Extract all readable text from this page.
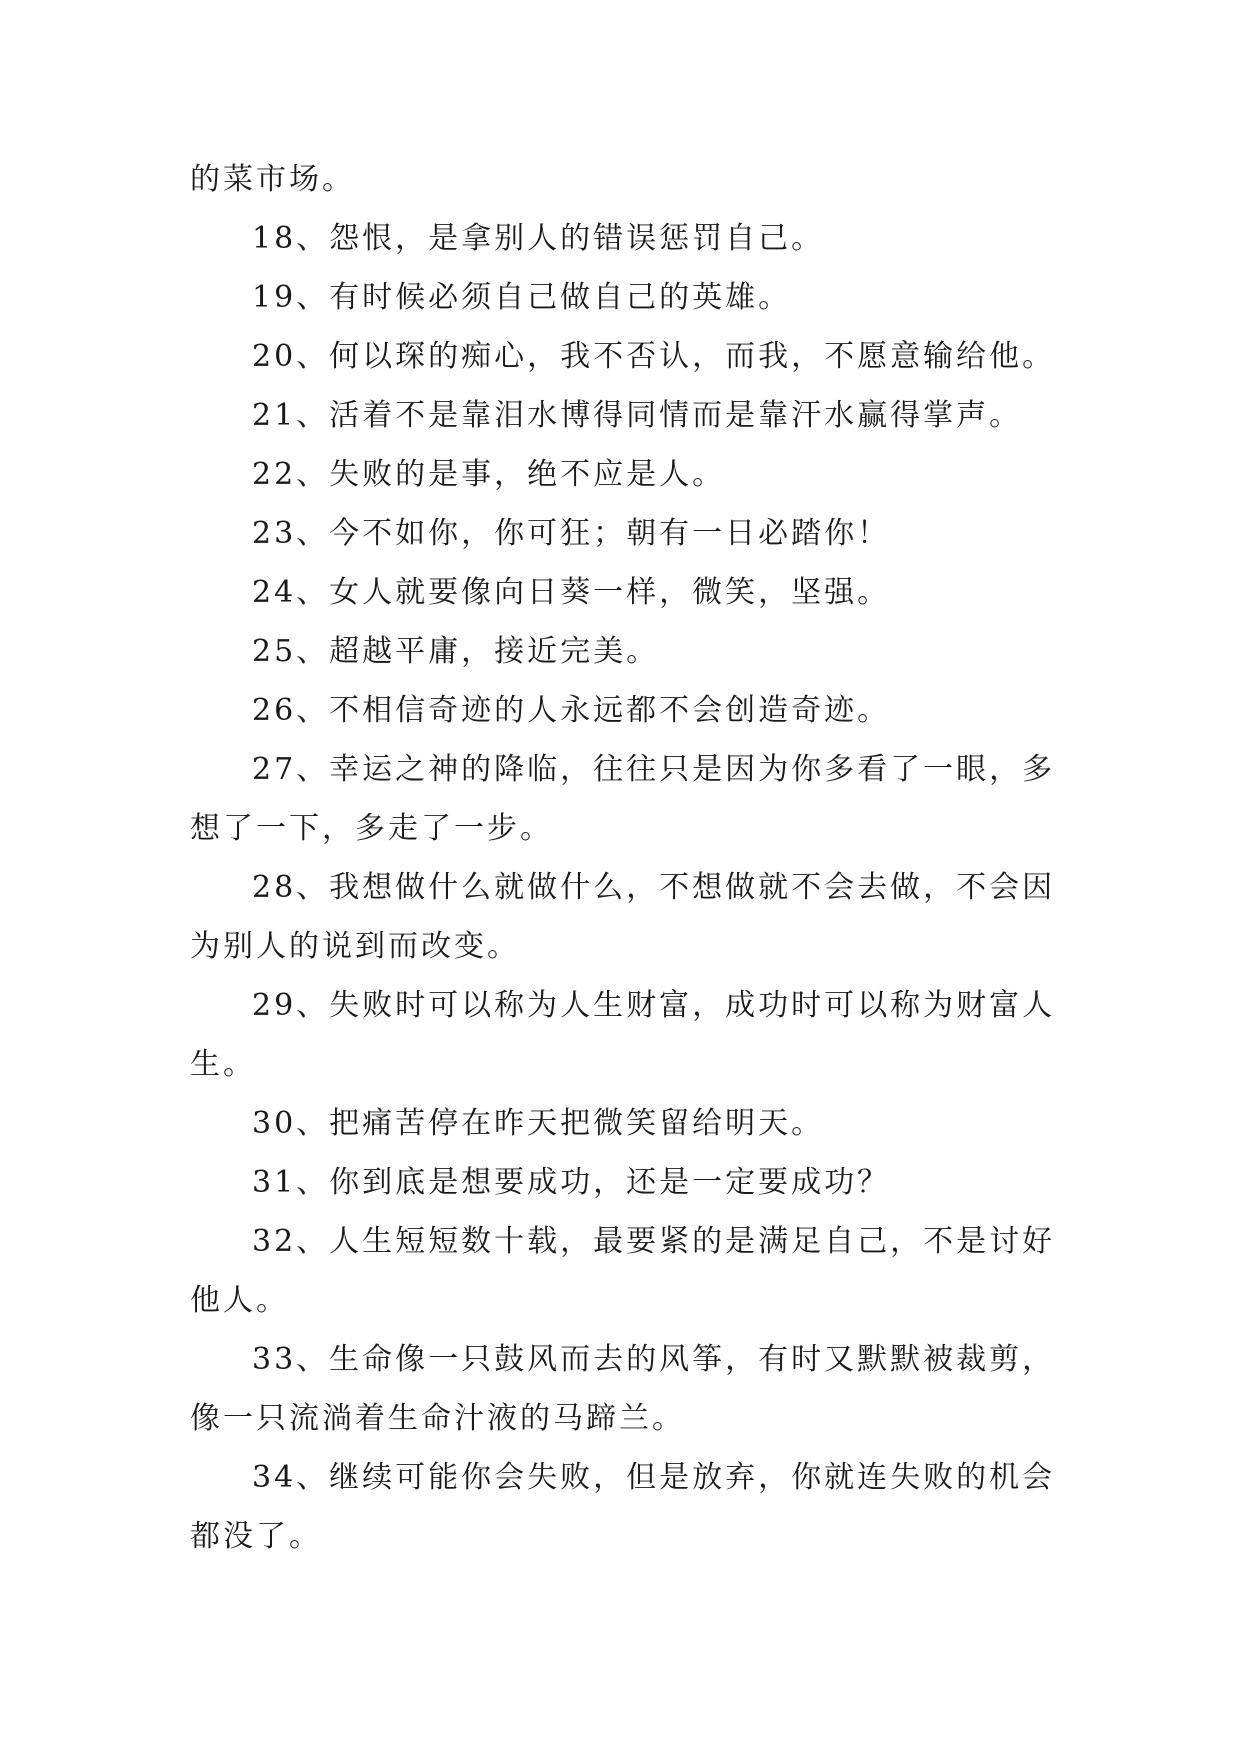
的菜市场。

18、怨恨，是拿别人的错误惩罚自己。

19、有时候必须自己做自己的英雄。

20、何以琛的痴心，我不否认，而我，不愿意输给他。

21、活着不是靠泪水博得同情而是靠汗水赢得掌声。

22、失败的是事，绝不应是人。

23、今不如你，你可狂；朝有一日必踏你！

24、女人就要像向日葵一样，微笑，坚强。

25、超越平庸，接近完美。

26、不相信奇迹的人永远都不会创造奇迹。

27、幸运之神的降临，往往只是因为你多看了一眼，多想了一下，多走了一步。

28、我想做什么就做什么，不想做就不会去做，不会因为别人的说到而改变。

29、失败时可以称为人生财富，成功时可以称为财富人生。

30、把痛苦停在昨天把微笑留给明天。

31、你到底是想要成功，还是一定要成功？

32、人生短短数十载，最要紧的是满足自己，不是讨好他人。

33、生命像一只鼓风而去的风筝，有时又默默被裁剪，像一只流淌着生命汁液的马蹄兰。

34、继续可能你会失败，但是放弃，你就连失败的机会都没了。
